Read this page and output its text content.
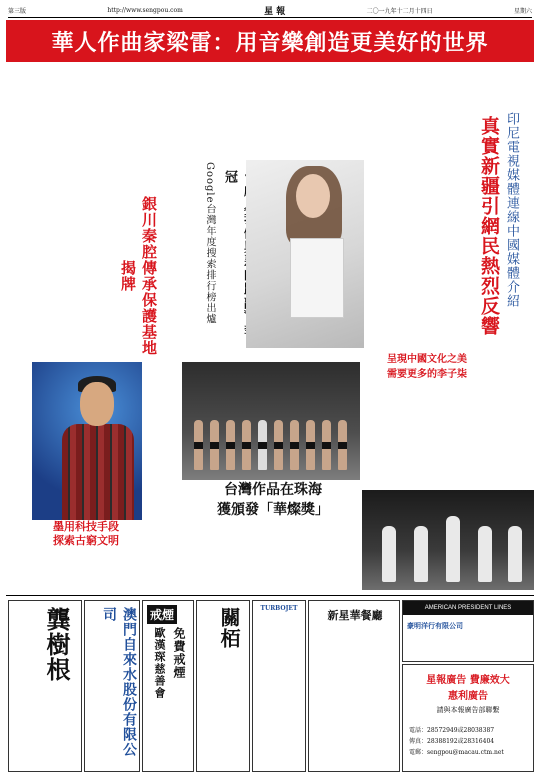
第三版	http://www.sengpou.com	星 報	二〇一九年十二月十四日	星期六
華人作曲家梁雷：用音樂創造更美好的世界
印尼電視媒體連線中國媒體介紹
真實新疆引網民熱烈反響
冠
Google台灣年度搜索排行榜出爐
銀川秦腔傳承保護基地揭牌
呈現中國文化之美
需要更多的李子柒
台灣作品在珠海
獲頒發「華燦獎」
墨用科技手段
探索古窮文明
龔樹根	澳門自來水股份有限公司	戒煙
免費戒煙
歐漢琛慈善會	關栢	TURBOJET
新星華餐廳
AMERICAN PRESIDENT LINES
豪明洋行有限公司
星報廣告 費廉效大
惠利廣告
請與本報廣告部聯繫
電話：28572949或28038387
傳真：28388192或28316404
電郵：sengpou@macau.ctm.net
